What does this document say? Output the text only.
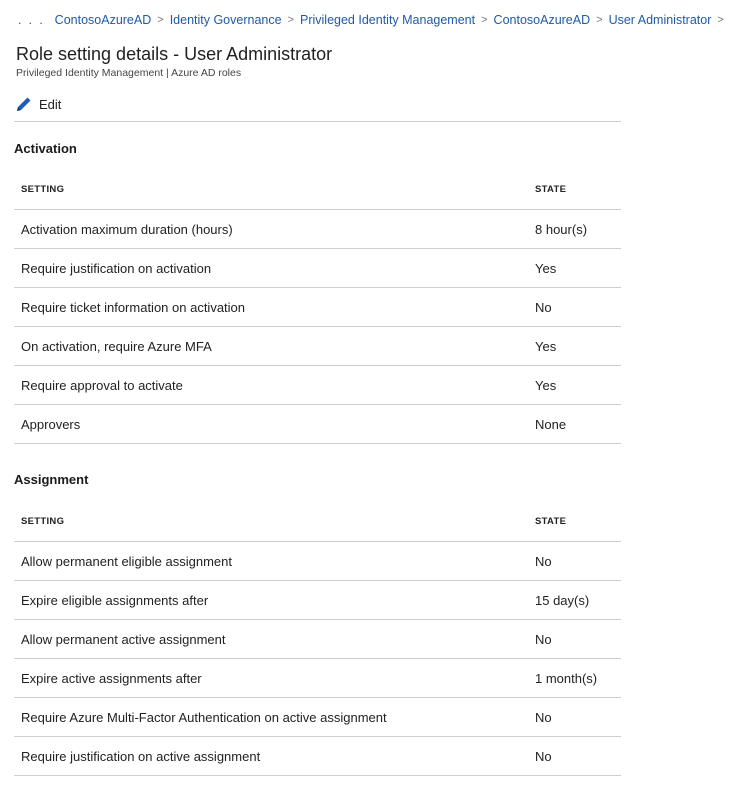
. . . ContosoAzureAD > Identity Governance > Privileged Identity Management > ContosoAzureAD > User Administrator >
Role setting details - User Administrator
Privileged Identity Management | Azure AD roles
Edit
Activation
SETTING	STATE
Activation maximum duration (hours)	8 hour(s)
Require justification on activation	Yes
Require ticket information on activation	No
On activation, require Azure MFA	Yes
Require approval to activate	Yes
Approvers	None
Assignment
SETTING	STATE
Allow permanent eligible assignment	No
Expire eligible assignments after	15 day(s)
Allow permanent active assignment	No
Expire active assignments after	1 month(s)
Require Azure Multi-Factor Authentication on active assignment	No
Require justification on active assignment	No
